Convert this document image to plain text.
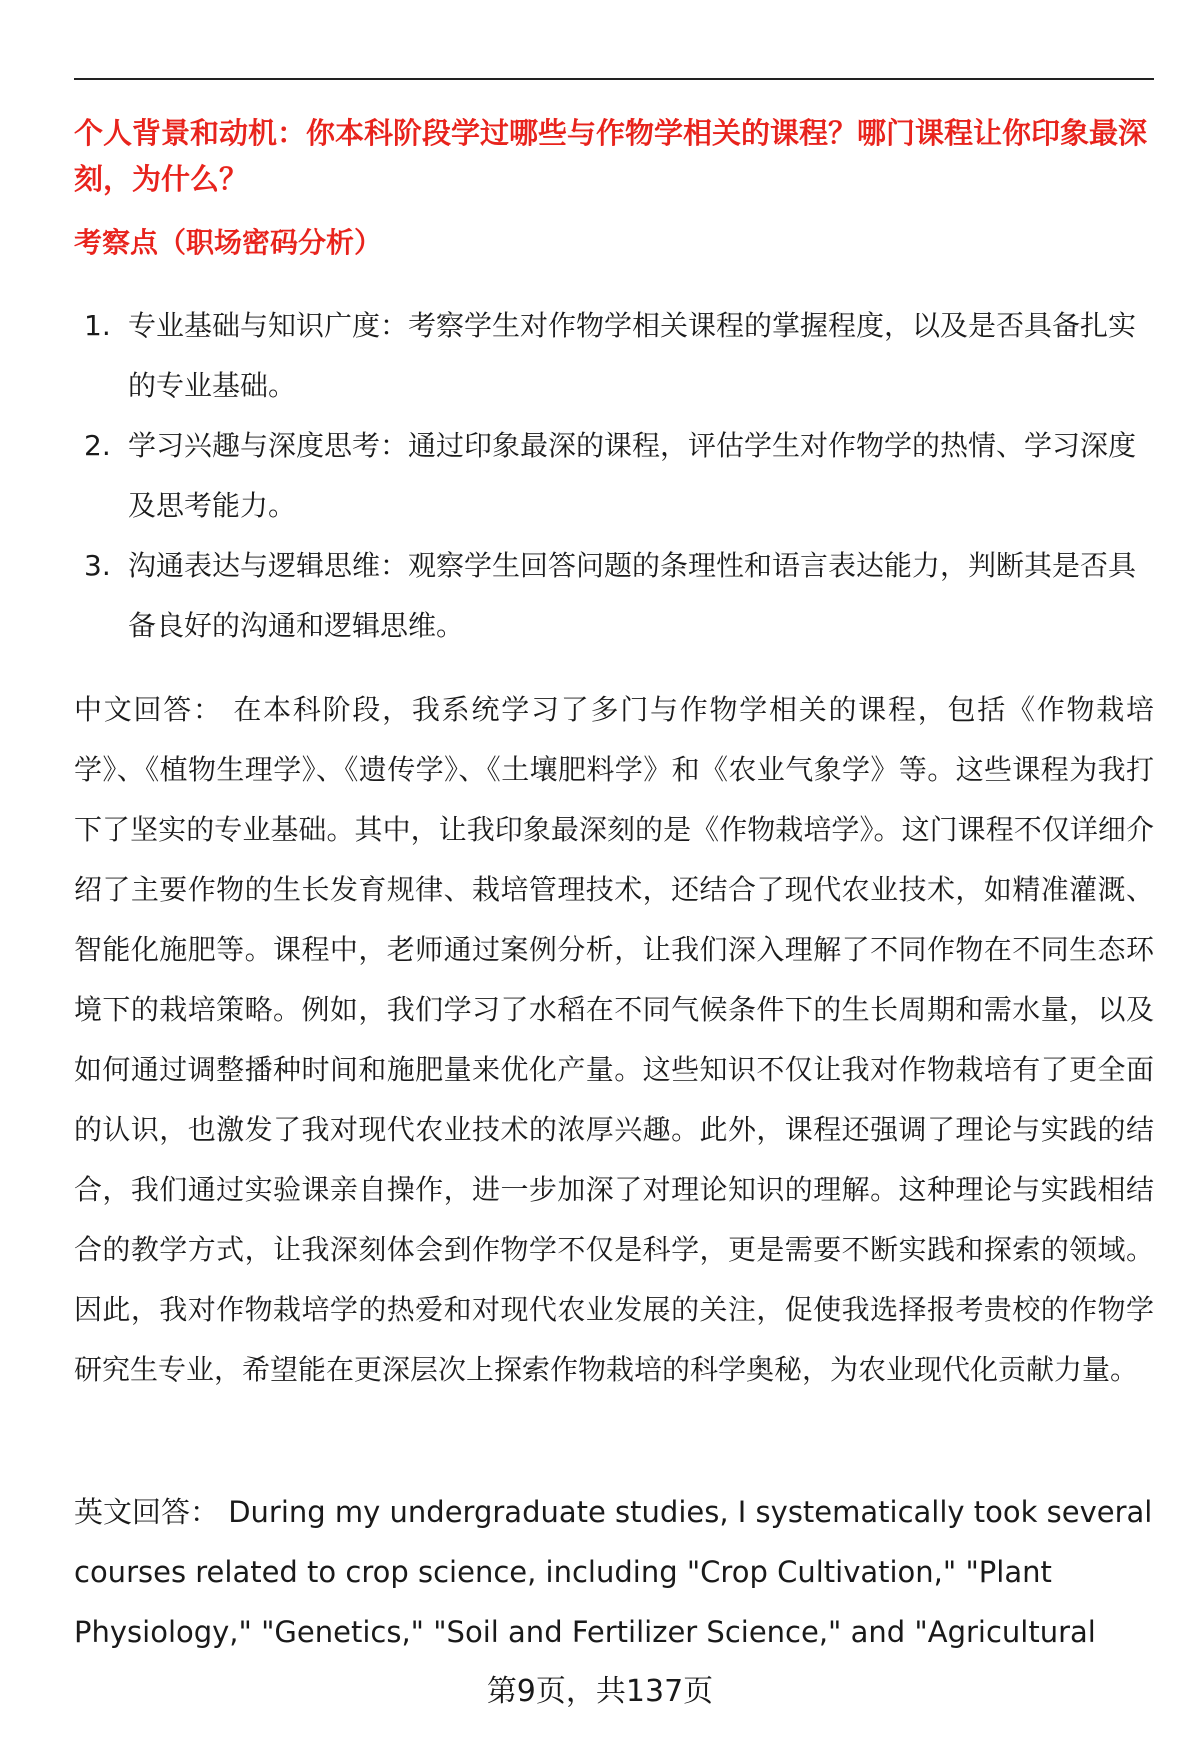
个人背景和动机：你本科阶段学过哪些与作物学相关的课程？哪门课程让你印象最深刻，为什么？
考察点（职场密码分析）
1. 专业基础与知识广度：考察学生对作物学相关课程的掌握程度，以及是否具备扎实的专业基础。
2. 学习兴趣与深度思考：通过印象最深的课程，评估学生对作物学的热情、学习深度及思考能力。
3. 沟通表达与逻辑思维：观察学生回答问题的条理性和语言表达能力，判断其是否具备良好的沟通和逻辑思维。
中文回答： 在本科阶段，我系统学习了多门与作物学相关的课程，包括《作物栽培学》、《植物生理学》、《遗传学》、《土壤肥料学》和《农业气象学》等。这些课程为我打下了坚实的专业基础。其中，让我印象最深刻的是《作物栽培学》。这门课程不仅详细介绍了主要作物的生长发育规律、栽培管理技术，还结合了现代农业技术，如精准灌溉、智能化施肥等。课程中，老师通过案例分析，让我们深入理解了不同作物在不同生态环境下的栽培策略。例如，我们学习了水稻在不同气候条件下的生长周期和需水量，以及如何通过调整播种时间和施肥量来优化产量。这些知识不仅让我对作物栽培有了更全面的认识，也激发了我对现代农业技术的浓厚兴趣。此外，课程还强调了理论与实践的结合，我们通过实验课亲自操作，进一步加深了对理论知识的理解。这种理论与实践相结合的教学方式，让我深刻体会到作物学不仅是科学，更是需要不断实践和探索的领域。因此，我对作物栽培学的热爱和对现代农业发展的关注，促使我选择报考贵校的作物学研究生专业，希望能在更深层次上探索作物栽培的科学奥秘，为农业现代化贡献力量。
英文回答： During my undergraduate studies, I systematically took several courses related to crop science, including "Crop Cultivation," "Plant Physiology," "Genetics," "Soil and Fertilizer Science," and "Agricultural
第9页，共137页
